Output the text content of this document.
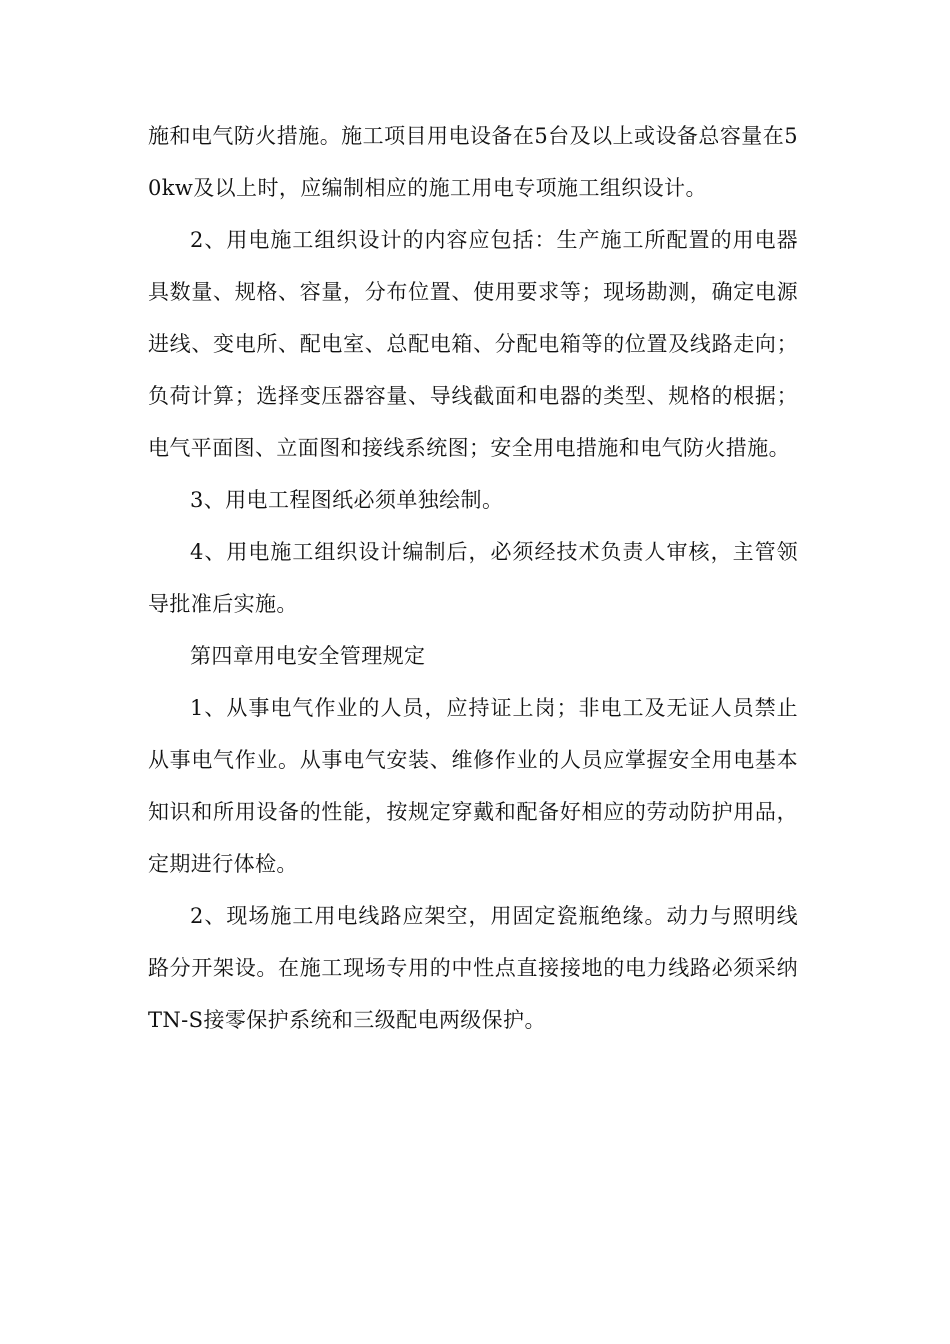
施和电气防火措施。施工项目用电设备在5台及以上或设备总容量在50kw及以上时，应编制相应的施工用电专项施工组织设计。

2、用电施工组织设计的内容应包括：生产施工所配置的用电器具数量、规格、容量，分布位置、使用要求等；现场勘测，确定电源进线、变电所、配电室、总配电箱、分配电箱等的位置及线路走向；负荷计算；选择变压器容量、导线截面和电器的类型、规格的根据；电气平面图、立面图和接线系统图；安全用电措施和电气防火措施。

3、用电工程图纸必须单独绘制。

4、用电施工组织设计编制后，必须经技术负责人审核，主管领导批准后实施。

第四章用电安全管理规定

1、从事电气作业的人员，应持证上岗；非电工及无证人员禁止从事电气作业。从事电气安装、维修作业的人员应掌握安全用电基本知识和所用设备的性能，按规定穿戴和配备好相应的劳动防护用品，定期进行体检。

2、现场施工用电线路应架空，用固定瓷瓶绝缘。动力与照明线路分开架设。在施工现场专用的中性点直接接地的电力线路必须采纳TN-S接零保护系统和三级配电两级保护。
